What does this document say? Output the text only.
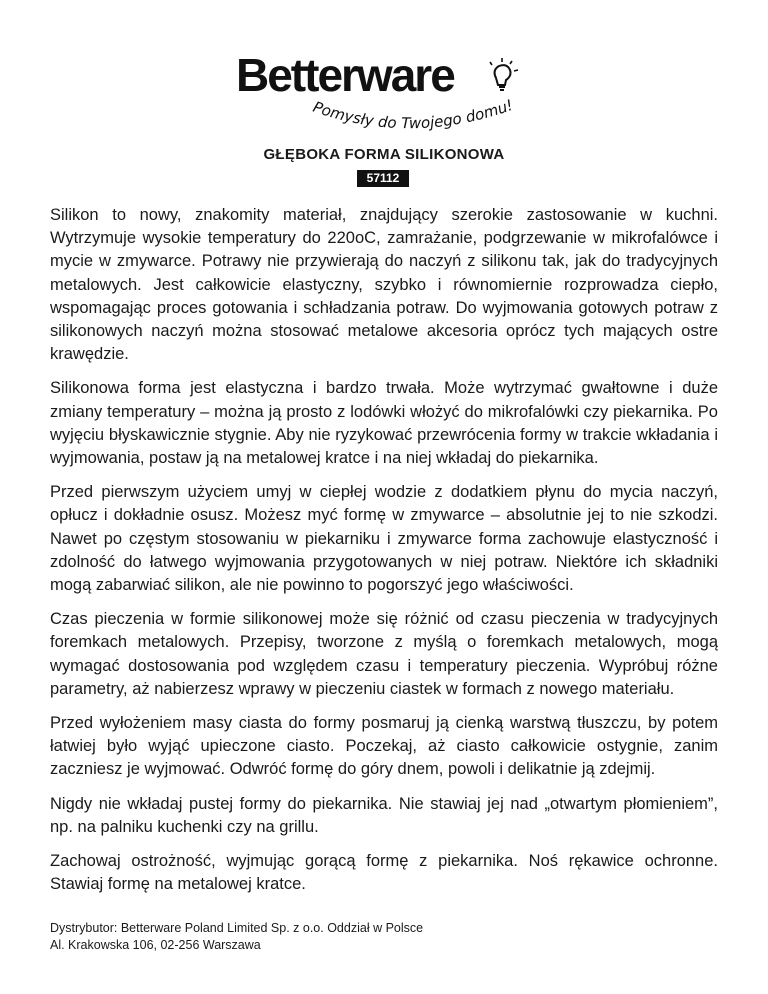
Betterware
Pomysły do Twojego domu!
GŁĘBOKA FORMA SILIKONOWA
57112

Silikon to nowy, znakomity materiał, znajdujący szerokie zastosowanie w kuchni. Wytrzymuje wysokie temperatury do 220oC, zamrażanie, podgrzewanie w mikrofalówce i mycie w zmywarce. Potrawy nie przywierają do naczyń z silikonu tak, jak do tradycyjnych metalowych. Jest całkowicie elastyczny, szybko i równomiernie rozprowadza ciepło, wspomagając proces gotowania i schładzania potraw. Do wyjmowania gotowych potraw z silikonowych naczyń można stosować metalowe akcesoria oprócz tych mających ostre krawędzie.

Silikonowa forma jest elastyczna i bardzo trwała. Może wytrzymać gwałtowne i duże zmiany temperatury – można ją prosto z lodówki włożyć do mikrofalówki czy piekarnika. Po wyjęciu błyskawicznie stygnie. Aby nie ryzykować przewrócenia formy w trakcie wkładania i wyjmowania, postaw ją na metalowej kratce i na niej wkładaj do piekarnika.

Przed pierwszym użyciem umyj w ciepłej wodzie z dodatkiem płynu do mycia naczyń, opłucz i dokładnie osusz. Możesz myć formę w zmywarce – absolutnie jej to nie szkodzi. Nawet po częstym stosowaniu w piekarniku i zmywarce forma zachowuje elastyczność i zdolność do łatwego wyjmowania przygotowanych w niej potraw. Niektóre ich składniki mogą zabarwiać silikon, ale nie powinno to pogorszyć jego właściwości.

Czas pieczenia w formie silikonowej może się różnić od czasu pieczenia w tradycyjnych foremkach metalowych. Przepisy, tworzone z myślą o foremkach metalowych, mogą wymagać dostosowania pod względem czasu i temperatury pieczenia. Wypróbuj różne parametry, aż nabierzesz wprawy w pieczeniu ciastek w formach z nowego materiału.

Przed wyłożeniem masy ciasta do formy posmaruj ją cienką warstwą tłuszczu, by potem łatwiej było wyjąć upieczone ciasto. Poczekaj, aż ciasto całkowicie ostygnie, zanim zaczniesz je wyjmować. Odwróć formę do góry dnem, powoli i delikatnie ją zdejmij.

Nigdy nie wkładaj pustej formy do piekarnika. Nie stawiaj jej nad „otwartym płomieniem”, np. na palniku kuchenki czy na grillu.

Zachowaj ostrożność, wyjmując gorącą formę z piekarnika. Noś rękawice ochronne. Stawiaj formę na metalowej kratce.

Dystrybutor: Betterware Poland Limited Sp. z o.o. Oddział w Polsce
Al. Krakowska 106, 02-256 Warszawa
